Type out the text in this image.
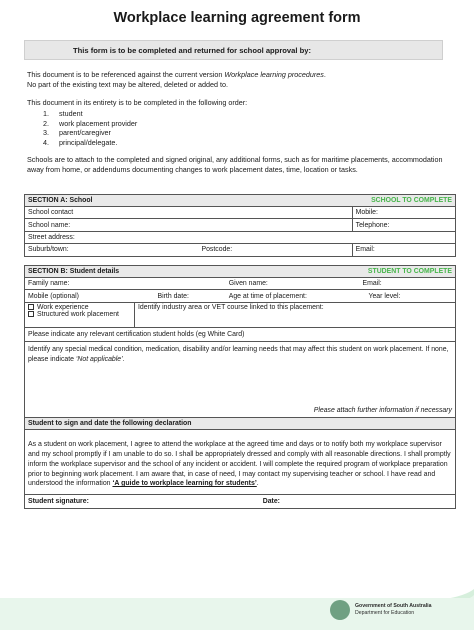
Workplace learning agreement form
This form is to be completed and returned for school approval by:
This document is to be referenced against the current version Workplace learning procedures.
No part of the existing text may be altered, deleted or added to.
This document in its entirety is to be completed in the following order:
1. student
2. work placement provider
3. parent/caregiver
4. principal/delegate.
Schools are to attach to the completed and signed original, any additional forms, such as for maritime placements, accommodation away from home, or addendums documenting changes to work placement dates, time, location or tasks.
SECTION A: School		SCHOOL TO COMPLETE
School contact		Mobile:
School name:		Telephone:
Street address:		
Suburb/town:	Postcode:	Email:
SECTION B: Student details		STUDENT TO COMPLETE	
Family name:		Given name:	Email:
Mobile (optional)	Birth date:	Age at time of placement:	Year level:

Work experience
Structured work placement	Identify industry area or VET course linked to this placement:		
Please indicate any relevant certification student holds (eg White Card)			
Identify any special medical condition, medication, disability and/or learning needs that may affect this student on work placement. If none, please indicate ‘Not applicable’.
Please attach further information if necessary			

Student to sign and date the following declaration			

As a student on work placement, I agree to attend the workplace at the agreed time and days or to notify both my workplace supervisor and my school promptly if I am unable to do so. I shall be appropriately dressed and comply with all reasonable directions. I shall promptly inform the workplace supervisor and the school of any incident or accident. I will complete the required program of workplace preparation prior to beginning work placement. I am aware that, in case of need, I may contact my supervising teacher or school. I have read and understood the information ‘A guide to workplace learning for students’.			

Student signature:		Date:	
Government of South Australia
Department for Education
